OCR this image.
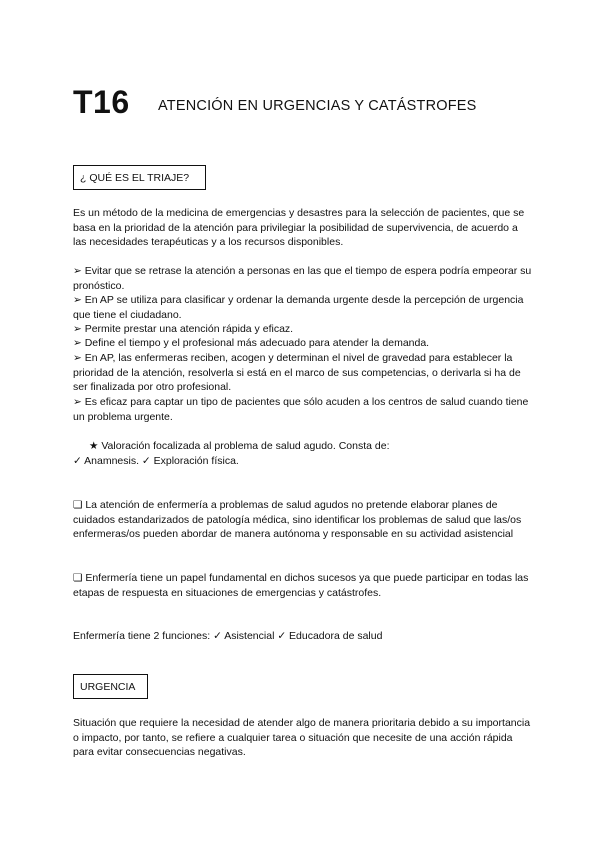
T16 ATENCIÓN EN URGENCIAS Y CATÁSTROFES
¿ QUÉ ES EL TRIAJE?
Es un método de la medicina de emergencias y desastres para la selección de pacientes, que se basa en la prioridad de la atención para privilegiar la posibilidad de supervivencia, de acuerdo a las necesidades terapéuticas y a los recursos disponibles.
➢ Evitar que se retrase la atención a personas en las que el tiempo de espera podría empeorar su pronóstico.
➢ En AP se utiliza para clasificar y ordenar la demanda urgente desde la percepción de urgencia que tiene el ciudadano.
➢ Permite prestar una atención rápida y eficaz.
➢ Define el tiempo y el profesional más adecuado para atender la demanda.
➢ En AP, las enfermeras reciben, acogen y determinan el nivel de gravedad para establecer la prioridad de la atención, resolverla si está en el marco de sus competencias, o derivarla si ha de ser finalizada por otro profesional.
➢ Es eficaz para captar un tipo de pacientes que sólo acuden a los centros de salud cuando tiene un problema urgente.
★ Valoración focalizada al problema de salud agudo. Consta de:
✓ Anamnesis. ✓ Exploración física.
❏ La atención de enfermería a problemas de salud agudos no pretende elaborar planes de cuidados estandarizados de patología médica, sino identificar los problemas de salud que las/os enfermeras/os pueden abordar de manera autónoma y responsable en su actividad asistencial
❏ Enfermería tiene un papel fundamental en dichos sucesos ya que puede participar en todas las etapas de respuesta en situaciones de emergencias y catástrofes.
Enfermería tiene 2 funciones: ✓ Asistencial ✓ Educadora de salud
URGENCIA
Situación que requiere la necesidad de atender algo de manera prioritaria debido a su importancia o impacto, por tanto, se refiere a cualquier tarea o situación que necesite de una acción rápida para evitar consecuencias negativas.
